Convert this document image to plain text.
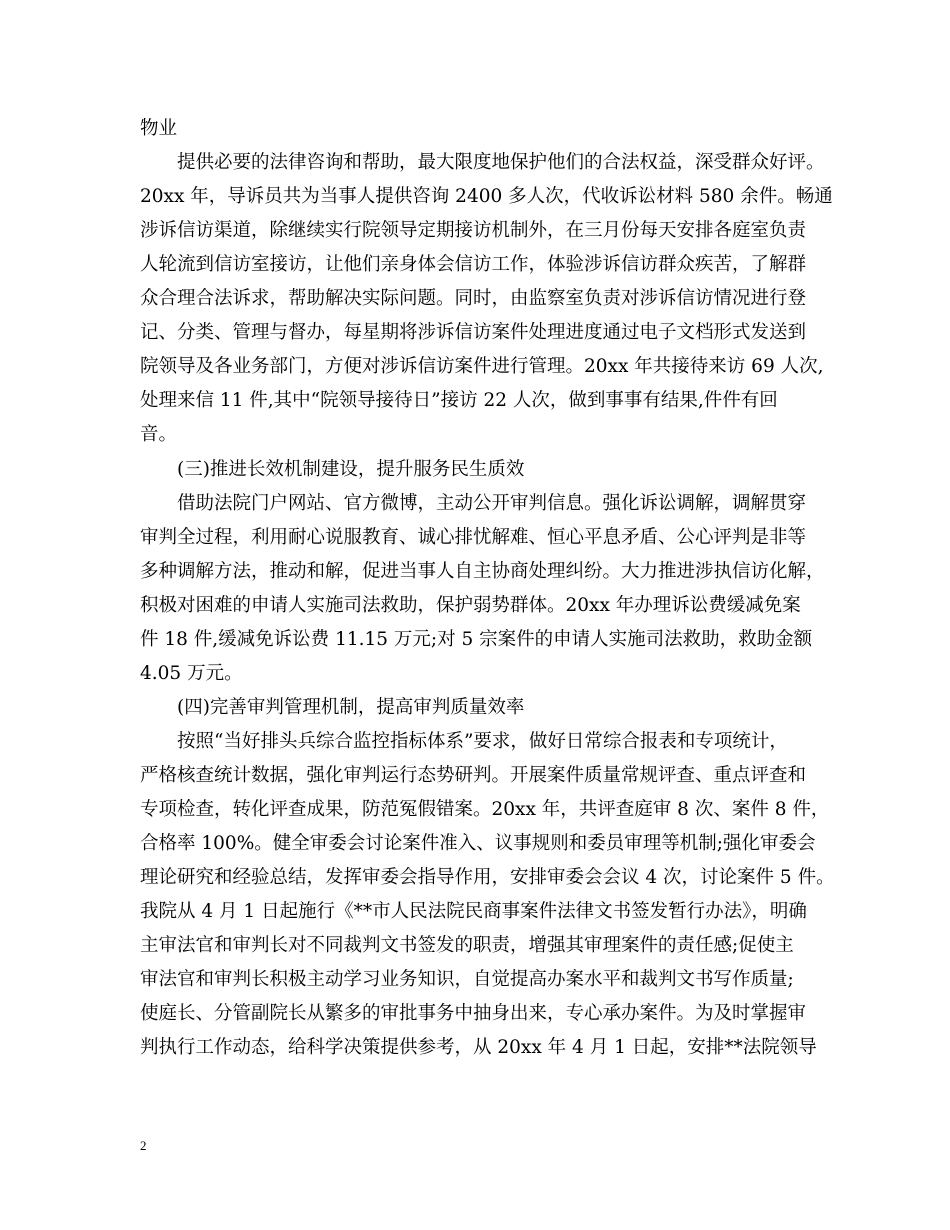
物业
提供必要的法律咨询和帮助，最大限度地保护他们的合法权益，深受群众好评。
20xx 年，导诉员共为当事人提供咨询 2400 多人次，代收诉讼材料 580 余件。畅通
涉诉信访渠道，除继续实行院领导定期接访机制外，在三月份每天安排各庭室负责
人轮流到信访室接访，让他们亲身体会信访工作，体验涉诉信访群众疾苦，了解群
众合理合法诉求，帮助解决实际问题。同时，由监察室负责对涉诉信访情况进行登
记、分类、管理与督办，每星期将涉诉信访案件处理进度通过电子文档形式发送到
院领导及各业务部门，方便对涉诉信访案件进行管理。20xx 年共接待来访 69 人次,
处理来信 11 件,其中“院领导接待日”接访 22 人次，做到事事有结果,件件有回
音。
(三)推进长效机制建设，提升服务民生质效
借助法院门户网站、官方微博，主动公开审判信息。强化诉讼调解，调解贯穿
审判全过程，利用耐心说服教育、诚心排忧解难、恒心平息矛盾、公心评判是非等
多种调解方法，推动和解，促进当事人自主协商处理纠纷。大力推进涉执信访化解，
积极对困难的申请人实施司法救助，保护弱势群体。20xx 年办理诉讼费缓减免案
件 18 件,缓减免诉讼费 11.15 万元;对 5 宗案件的申请人实施司法救助，救助金额
4.05 万元。
(四)完善审判管理机制，提高审判质量效率
按照“当好排头兵综合监控指标体系”要求，做好日常综合报表和专项统计，
严格核查统计数据，强化审判运行态势研判。开展案件质量常规评查、重点评查和
专项检查，转化评查成果，防范冤假错案。20xx 年，共评查庭审 8 次、案件 8 件，
合格率 100%。健全审委会讨论案件准入、议事规则和委员审理等机制;强化审委会
理论研究和经验总结，发挥审委会指导作用，安排审委会会议 4 次，讨论案件 5 件。
我院从 4 月 1 日起施行《**市人民法院民商事案件法律文书签发暂行办法》，明确
主审法官和审判长对不同裁判文书签发的职责，增强其审理案件的责任感;促使主
审法官和审判长积极主动学习业务知识，自觉提高办案水平和裁判文书写作质量;
使庭长、分管副院长从繁多的审批事务中抽身出来，专心承办案件。为及时掌握审
判执行工作动态，给科学决策提供参考，从 20xx 年 4 月 1 日起，安排**法院领导
2
